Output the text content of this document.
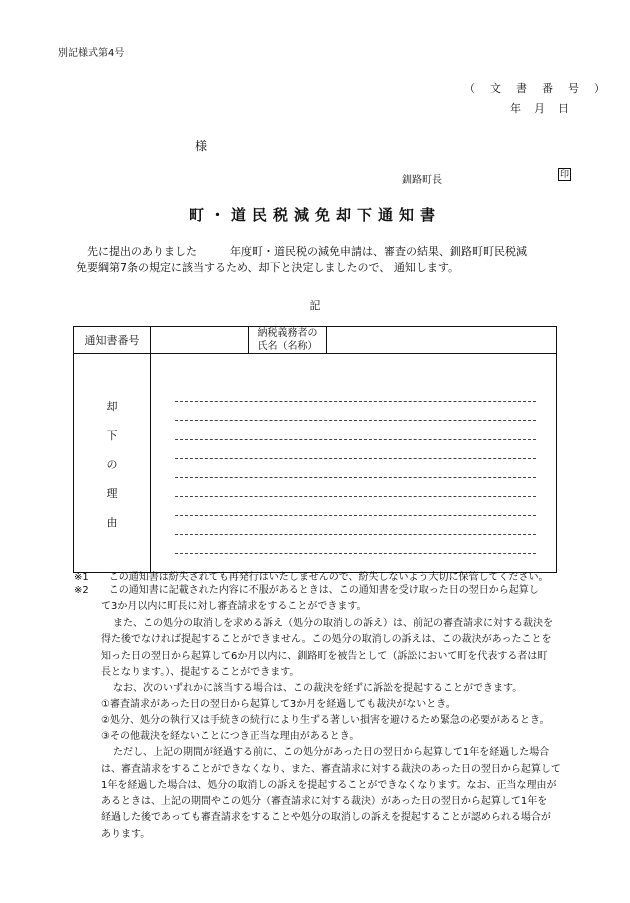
別記様式第4号
（　文　書　番　号　）
年　月　日
様
釧路町長	印
町・道民税減免却下通知書
先に提出のありました　　　年度町・道民税の減免申請は、審査の結果、釧路町町民税減
免要綱第7条の規定に該当するため、却下と決定しましたので、 通知します。
記
通知書番号		納税義務者の
氏名（名称）	

却
下
の
理
由			

※1　　この通知書は紛失されても再発行はいたしませんので、紛失しないよう大切に保管してください。
※2　　この通知書に記載された内容に不服があるときは、この通知書を受け取った日の翌日から起算し
て3か月以内に町長に対し審査請求をすることができます。
また、この処分の取消しを求める訴え（処分の取消しの訴え）は、前記の審査請求に対する裁決を
得た後でなければ提起することができません。この処分の取消しの訴えは、この裁決があったことを
知った日の翌日から起算して6か月以内に、釧路町を被告として（訴訟において町を代表する者は町
長となります。）、提起することができます。
なお、次のいずれかに該当する場合は、この裁決を経ずに訴訟を提起することができます。
①審査請求があった日の翌日から起算して3か月を経過しても裁決がないとき。
②処分、処分の執行又は手続きの続行により生ずる著しい損害を避けるため緊急の必要があるとき。
③その他裁決を経ないことにつき正当な理由があるとき。
ただし、上記の期間が経過する前に、この処分があった日の翌日から起算して1年を経過した場合
は、審査請求をすることができなくなり、また、審査請求に対する裁決のあった日の翌日から起算して
1年を経過した場合は、処分の取消しの訴えを提起することができなくなります。なお、正当な理由が
あるときは、上記の期間やこの処分（審査請求に対する裁決）があった日の翌日から起算して1年を
経過した後であっても審査請求をすることや処分の取消しの訴えを提起することが認められる場合が
あります。
